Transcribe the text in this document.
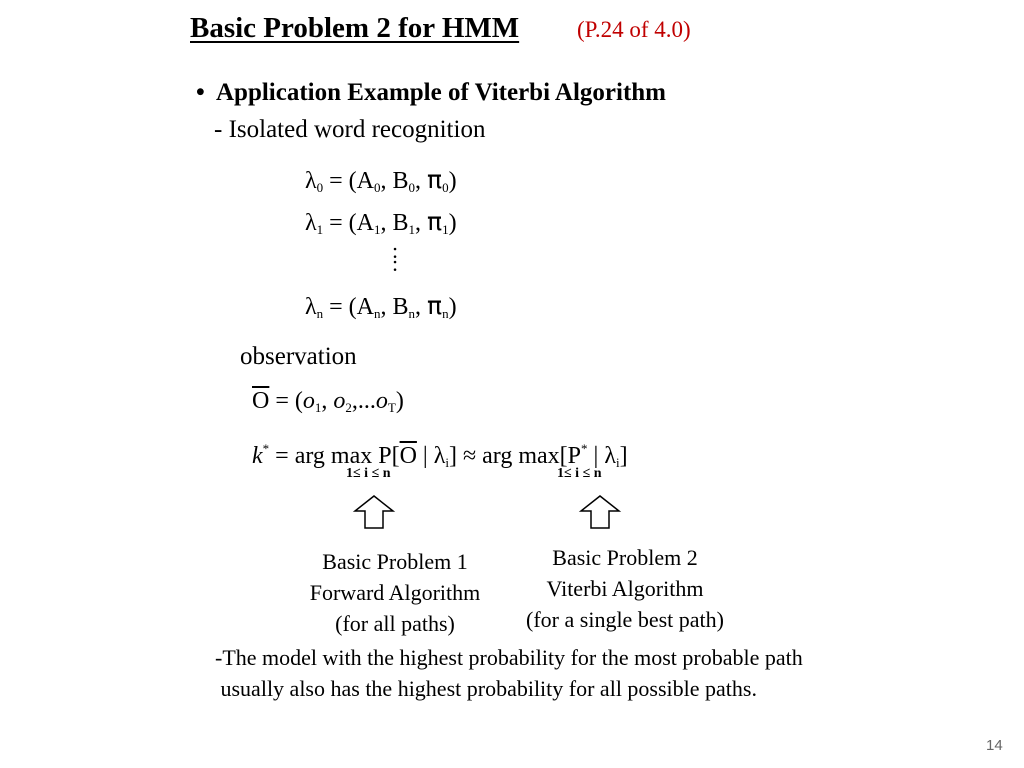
Basic Problem 2 for HMM	(P.24 of 4.0)
• Application Example of Viterbi Algorithm
- Isolated word recognition
$\lambda_0 = (A_0$, $B_0$, $\pi_0$)
$\lambda_1 = (A_1$, $B_1$, $\pi_1$)
:
:
$\lambda_n = (A_n$, $B_n$, $\pi_n$)
observation
$\overline{O} = (o_1$, $o_2,...o_T$)
k* = arg $\max P[\overline{O}$ | $\lambda_i$] ≈ arg max[P* | $\lambda_i$]
1≤ i ≤ n	1≤ i ≤ n
Basic Problem 1
Forward Algorithm
(for all paths)
Basic Problem 2
Viterbi Algorithm
(for a single best path)
-The model with the highest probability for the most probable path
usually also has the highest probability for all possible paths.
14
